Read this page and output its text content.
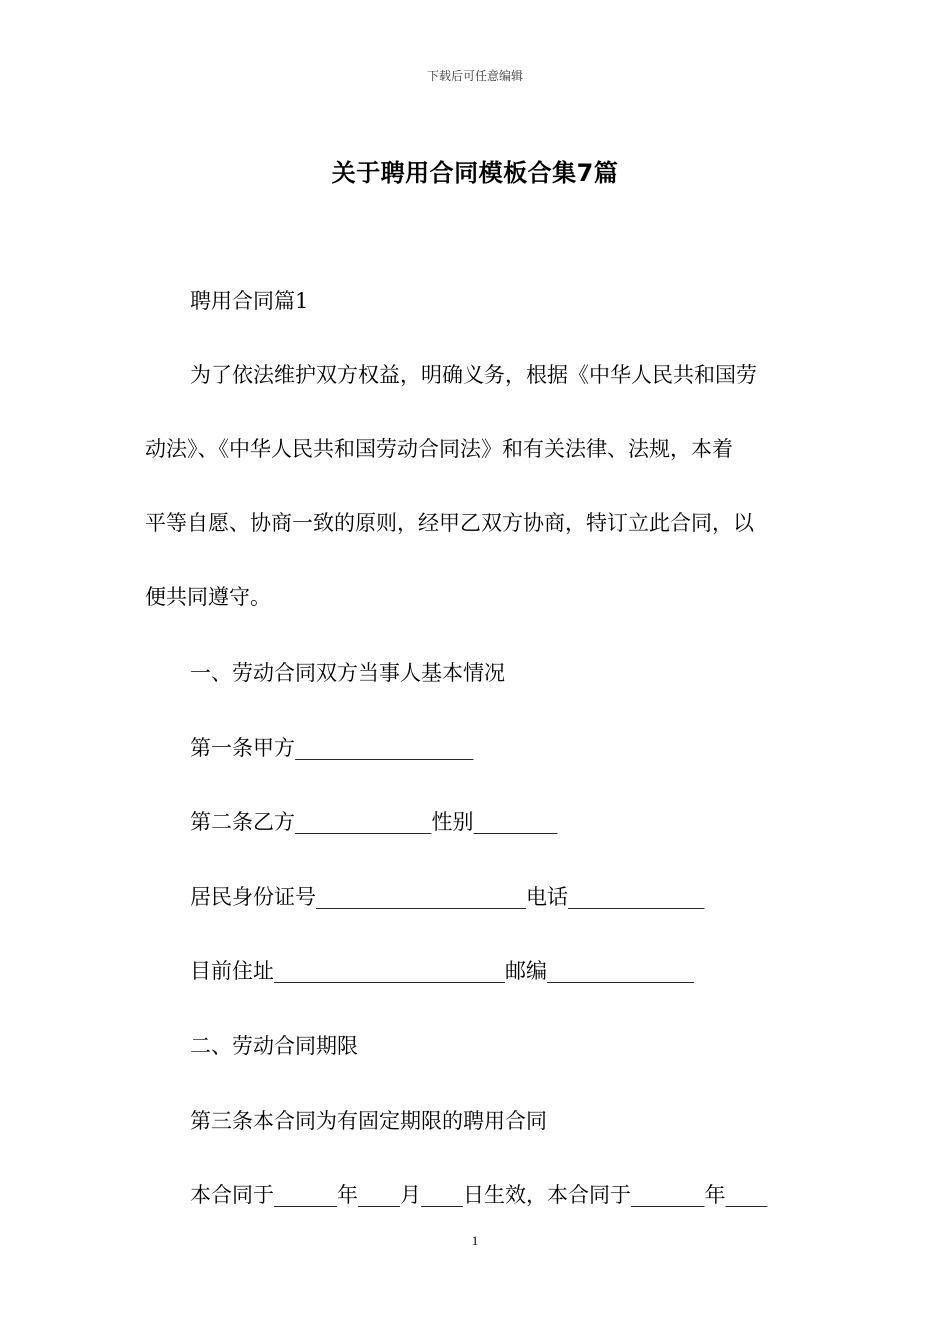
下载后可任意编辑
关于聘用合同模板合集7篇
聘用合同篇1
为了依法维护双方权益，明确义务，根据《中华人民共和国劳
动法》、《中华人民共和国劳动合同法》和有关法律、法规，本着
平等自愿、协商一致的原则，经甲乙双方协商，特订立此合同，以
便共同遵守。
一、劳动合同双方当事人基本情况
第一条甲方_________________
第二条乙方_____________性别________
居民身份证号____________________电话_____________
目前住址______________________邮编______________
二、劳动合同期限
第三条本合同为有固定期限的聘用合同
本合同于______年____月____日生效，本合同于_______年____
1
